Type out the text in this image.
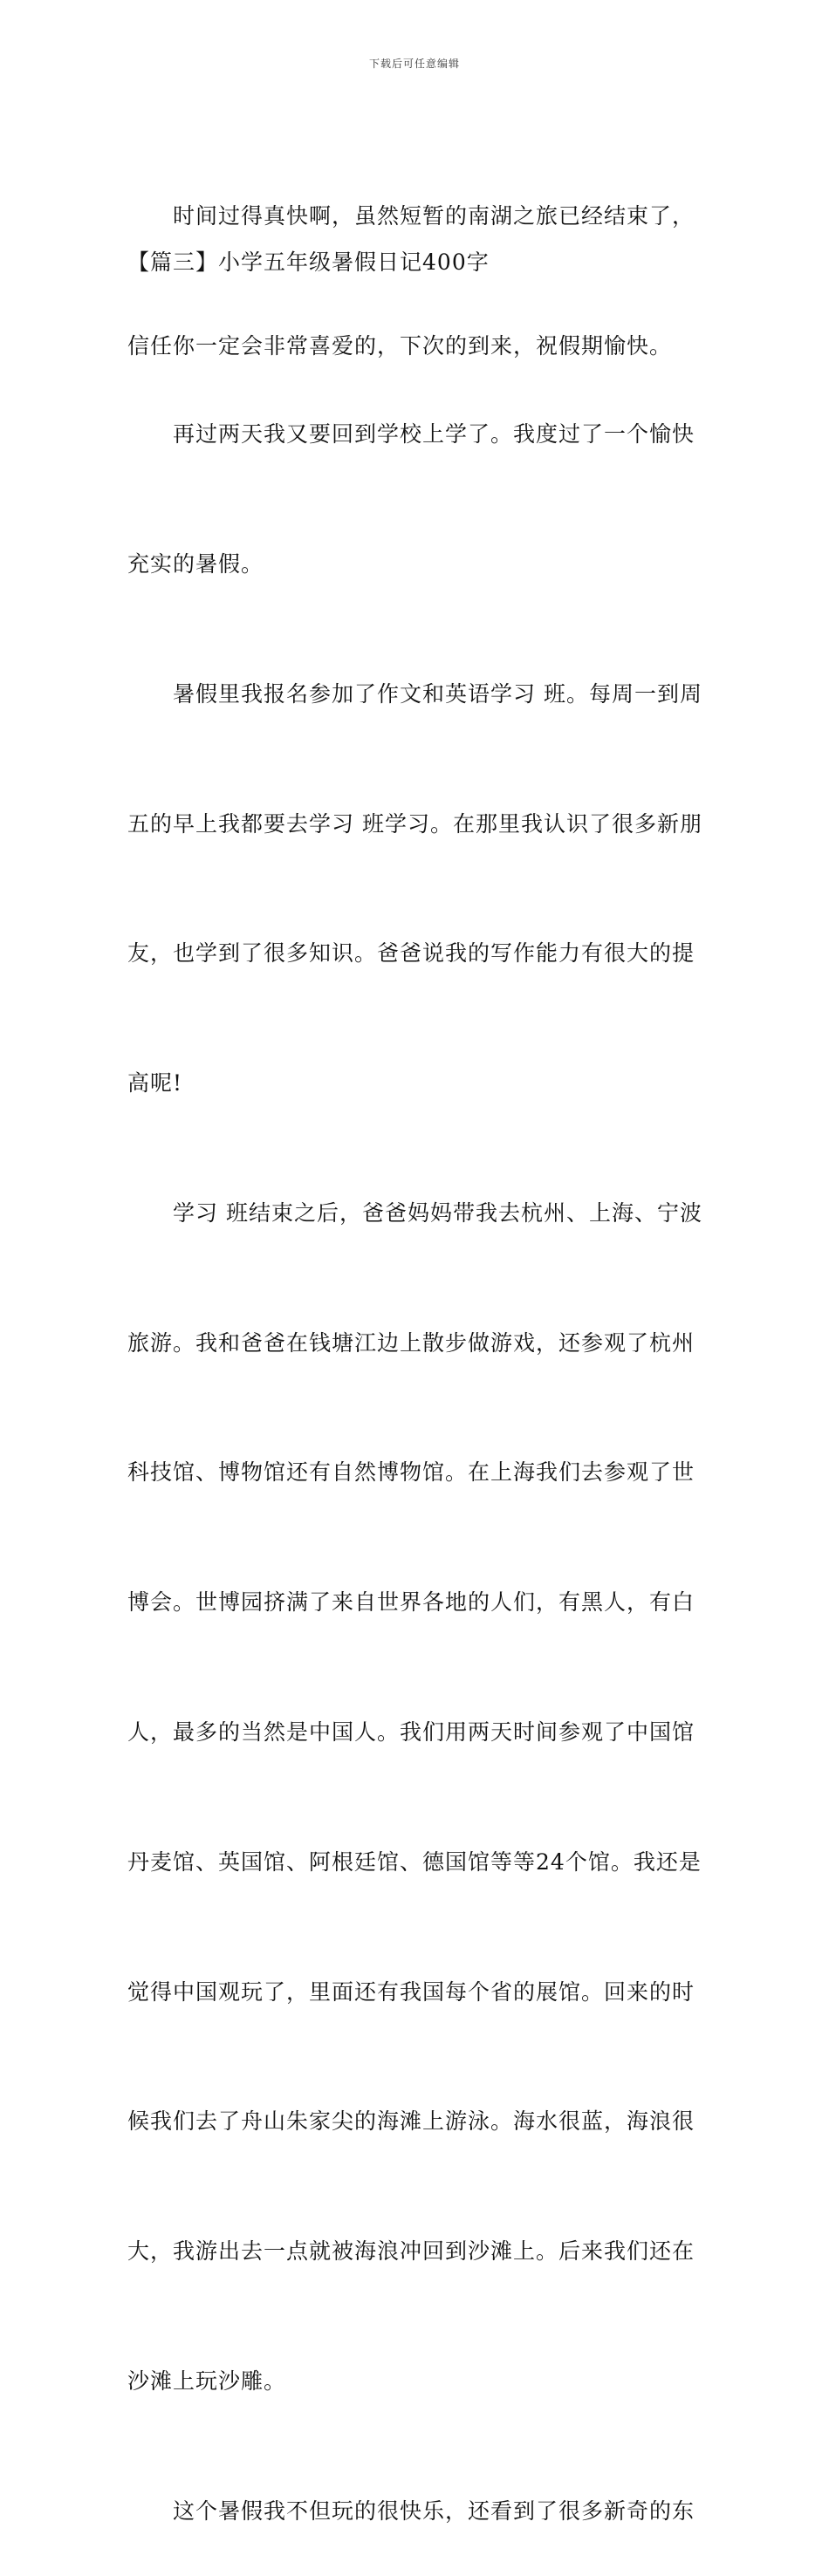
下载后可任意编辑

　　时间过得真快啊，虽然短暂的南湖之旅已经结束了，

信任你一定会非常喜爱的，下次的到来，祝假期愉快。

【篇三】小学五年级暑假日记400字

　　再过两天我又要回到学校上学了。我度过了一个愉快

充实的暑假。

　　暑假里我报名参加了作文和英语学习 班。每周一到周

五的早上我都要去学习 班学习。在那里我认识了很多新朋

友，也学到了很多知识。爸爸说我的写作能力有很大的提

高呢!

　　学习 班结束之后，爸爸妈妈带我去杭州、上海、宁波

旅游。我和爸爸在钱塘江边上散步做游戏，还参观了杭州

科技馆、博物馆还有自然博物馆。在上海我们去参观了世

博会。世博园挤满了来自世界各地的人们，有黑人，有白

人，最多的当然是中国人。我们用两天时间参观了中国馆

丹麦馆、英国馆、阿根廷馆、德国馆等等24个馆。我还是

觉得中国观玩了，里面还有我国每个省的展馆。回来的时

候我们去了舟山朱家尖的海滩上游泳。海水很蓝，海浪很

大，我游出去一点就被海浪冲回到沙滩上。后来我们还在

沙滩上玩沙雕。

　　这个暑假我不但玩的很快乐，还看到了很多新奇的东
